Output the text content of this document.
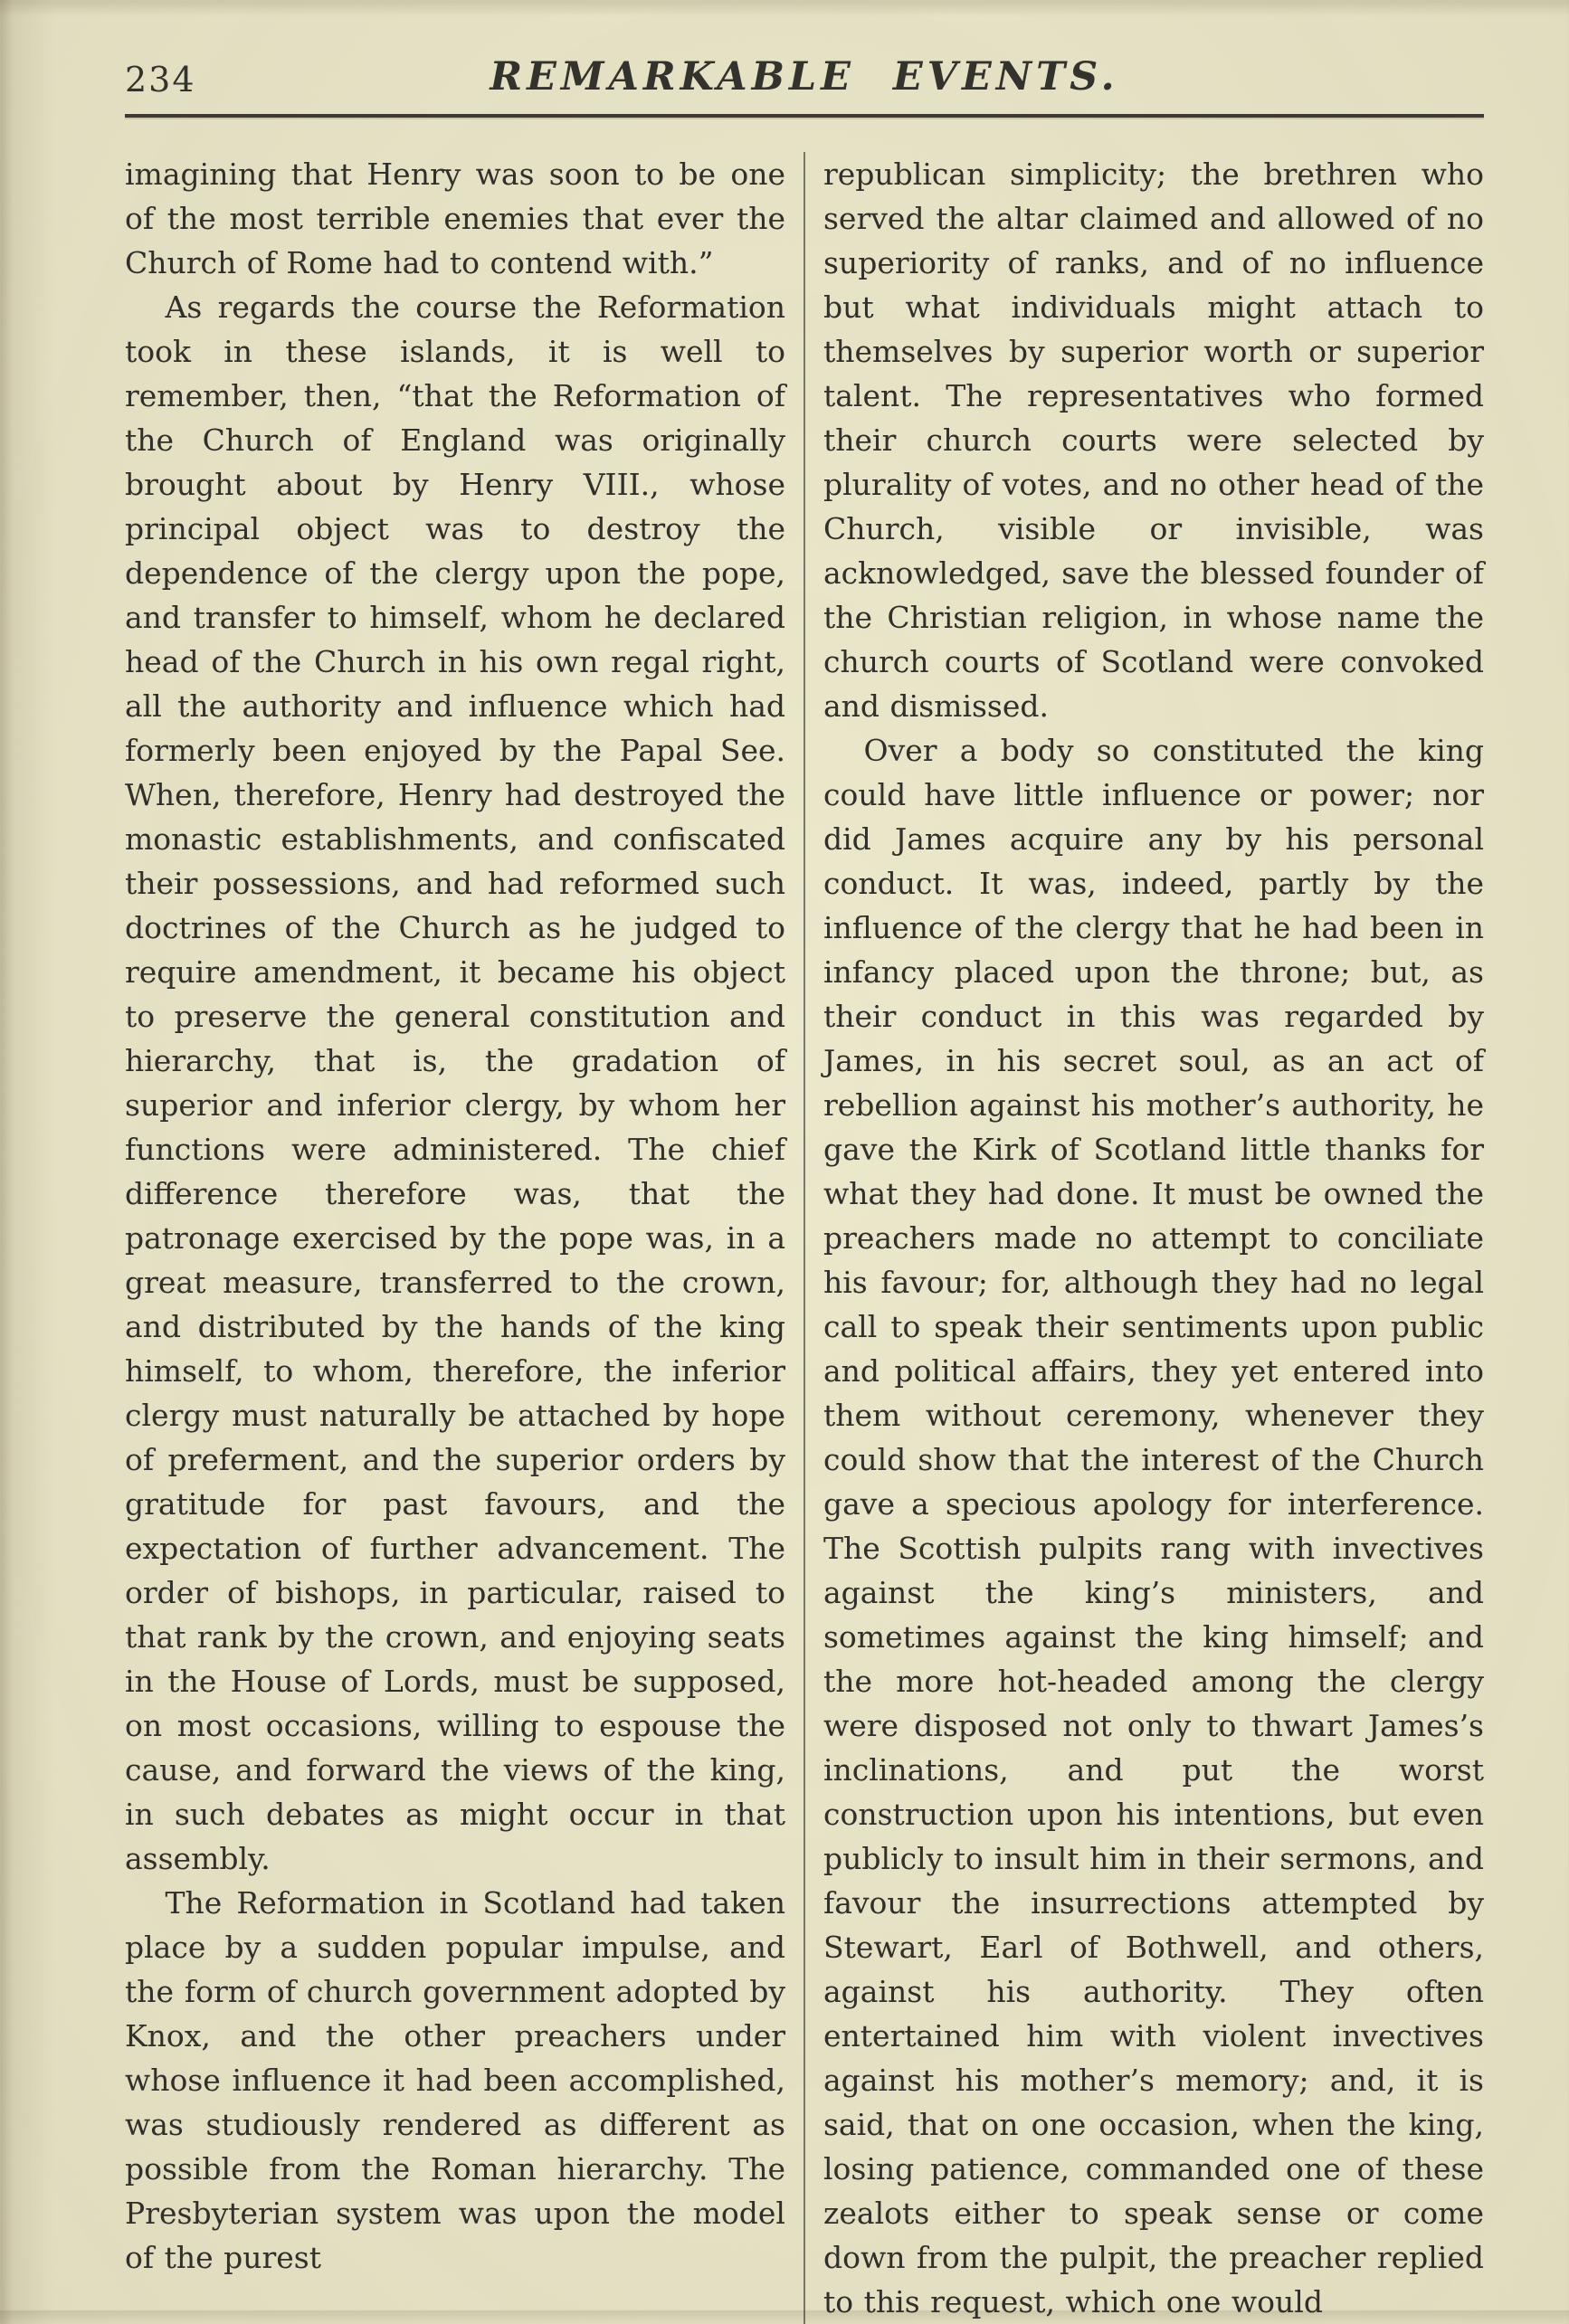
234	REMARKABLE EVENTS.

imagining that Henry was soon to be one of the most terrible enemies that ever the Church of Rome had to contend with.”

As regards the course the Reformation took in these islands, it is well to remember, then, “that the Reformation of the Church of England was originally brought about by Henry VIII., whose principal object was to destroy the dependence of the clergy upon the pope, and transfer to himself, whom he declared head of the Church in his own regal right, all the authority and influence which had formerly been enjoyed by the Papal See. When, therefore, Henry had destroyed the monastic establishments, and confiscated their possessions, and had reformed such doctrines of the Church as he judged to require amendment, it became his object to preserve the general constitution and hierarchy, that is, the gradation of superior and inferior clergy, by whom her functions were administered. The chief difference therefore was, that the patronage exercised by the pope was, in a great measure, transferred to the crown, and distributed by the hands of the king himself, to whom, therefore, the inferior clergy must naturally be attached by hope of preferment, and the superior orders by gratitude for past favours, and the expectation of further advancement. The order of bishops, in particular, raised to that rank by the crown, and enjoying seats in the House of Lords, must be supposed, on most occasions, willing to espouse the cause, and forward the views of the king, in such debates as might occur in that assembly.

The Reformation in Scotland had taken place by a sudden popular impulse, and the form of church government adopted by Knox, and the other preachers under whose influence it had been accomplished, was studiously rendered as different as possible from the Roman hierarchy. The Presbyterian system was upon the model of the purest

republican simplicity; the brethren who served the altar claimed and allowed of no superiority of ranks, and of no influence but what individuals might attach to themselves by superior worth or superior talent. The representatives who formed their church courts were selected by plurality of votes, and no other head of the Church, visible or invisible, was acknowledged, save the blessed founder of the Christian religion, in whose name the church courts of Scotland were convoked and dismissed.

Over a body so constituted the king could have little influence or power; nor did James acquire any by his personal conduct. It was, indeed, partly by the influence of the clergy that he had been in infancy placed upon the throne; but, as their conduct in this was regarded by James, in his secret soul, as an act of rebellion against his mother’s authority, he gave the Kirk of Scotland little thanks for what they had done. It must be owned the preachers made no attempt to conciliate his favour; for, although they had no legal call to speak their sentiments upon public and political affairs, they yet entered into them without ceremony, whenever they could show that the interest of the Church gave a specious apology for interference. The Scottish pulpits rang with invectives against the king’s ministers, and sometimes against the king himself; and the more hot-headed among the clergy were disposed not only to thwart James’s inclinations, and put the worst construction upon his intentions, but even publicly to insult him in their sermons, and favour the insurrections attempted by Stewart, Earl of Bothwell, and others, against his authority. They often entertained him with violent invectives against his mother’s memory; and, it is said, that on one occasion, when the king, losing patience, commanded one of these zealots either to speak sense or come down from the pulpit, the preacher replied to this request, which one would
